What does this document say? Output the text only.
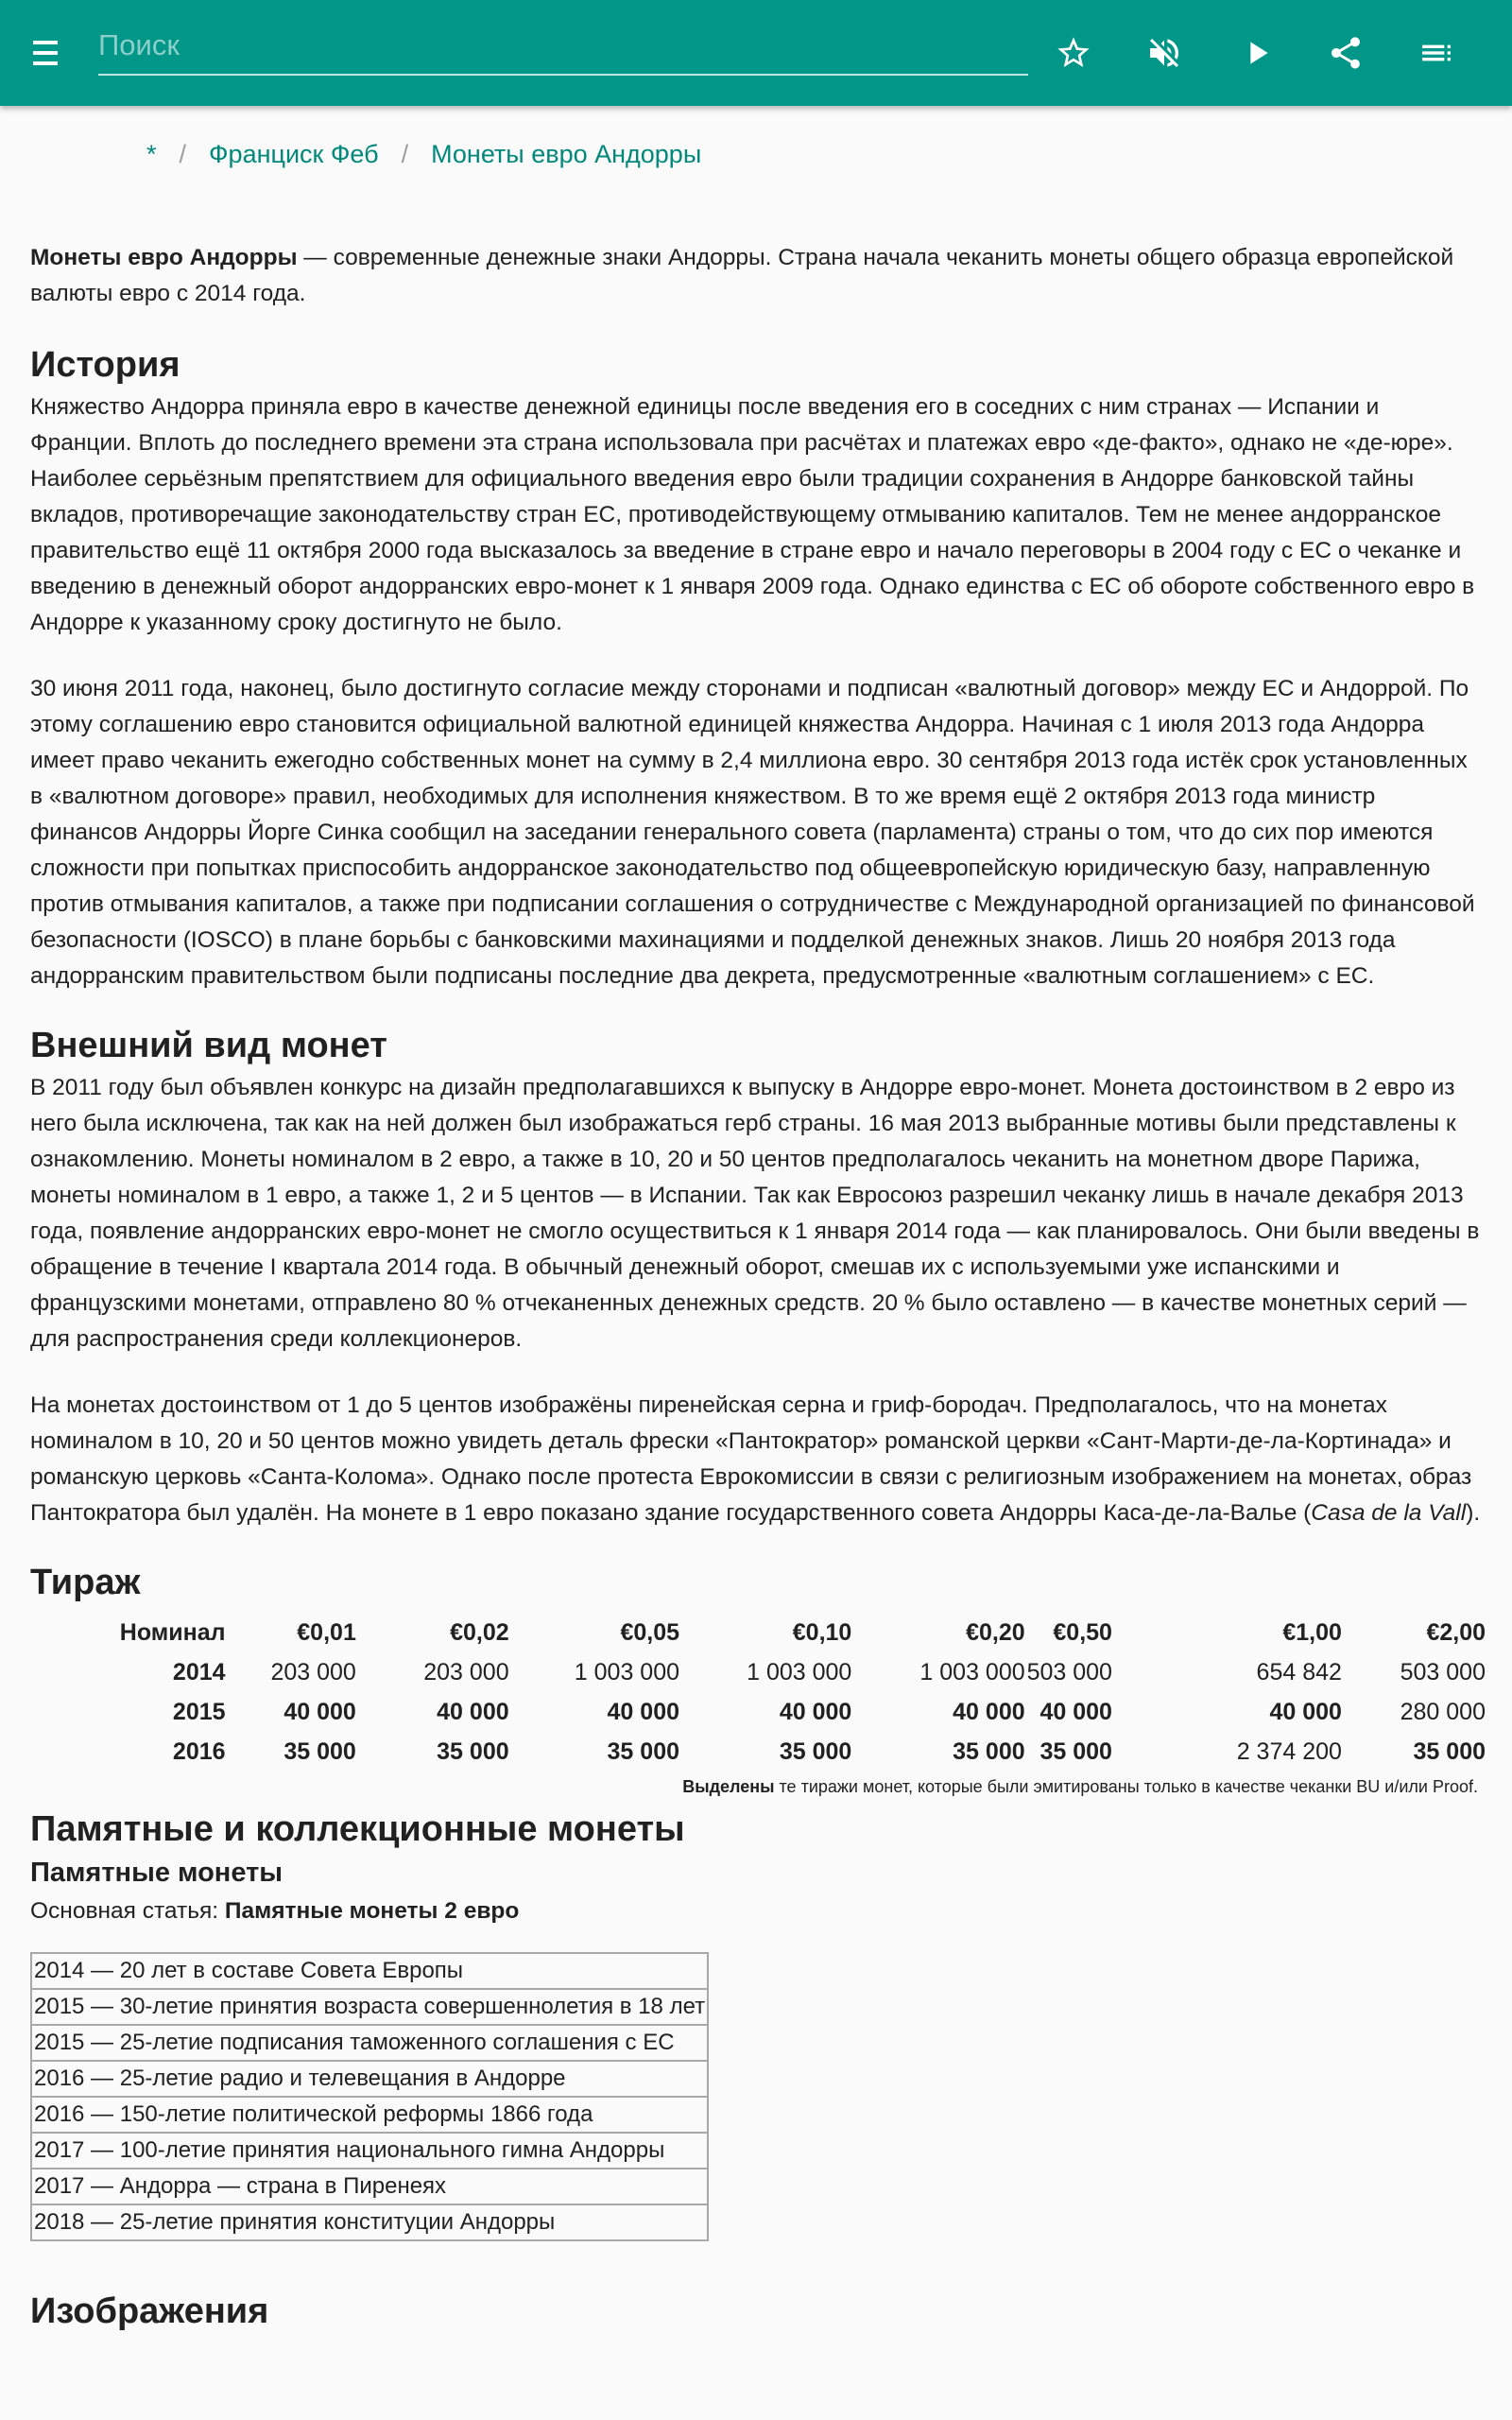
Поиск
* / Франциск Феб / Монеты евро Андорры

Монеты евро Андорры — современные денежные знаки Андорры. Страна начала чеканить монеты общего образца европейской валюты евро с 2014 года.

История

Княжество Андорра приняла евро в качестве денежной единицы после введения его в соседних с ним странах — Испании и Франции. Вплоть до последнего времени эта страна использовала при расчётах и платежах евро «де-факто», однако не «де-юре». Наиболее серьёзным препятствием для официального введения евро были традиции сохранения в Андорре банковской тайны вкладов, противоречащие законодательству стран ЕС, противодействующему отмыванию капиталов. Тем не менее андорранское правительство ещё 11 октября 2000 года высказалось за введение в стране евро и начало переговоры в 2004 году с ЕС о чеканке и введению в денежный оборот андорранских евро-монет к 1 января 2009 года. Однако единства с ЕС об обороте собственного евро в Андорре к указанному сроку достигнуто не было.

30 июня 2011 года, наконец, было достигнуто согласие между сторонами и подписан «валютный договор» между ЕС и Андоррой. По этому соглашению евро становится официальной валютной единицей княжества Андорра. Начиная с 1 июля 2013 года Андорра имеет право чеканить ежегодно собственных монет на сумму в 2,4 миллиона евро. 30 сентября 2013 года истёк срок установленных в «валютном договоре» правил, необходимых для исполнения княжеством. В то же время ещё 2 октября 2013 года министр финансов Андорры Йорге Синка сообщил на заседании генерального совета (парламента) страны о том, что до сих пор имеются сложности при попытках приспособить андорранское законодательство под общеевропейскую юридическую базу, направленную против отмывания капиталов, а также при подписании соглашения о сотрудничестве с Международной организацией по финансовой безопасности (IOSCO) в плане борьбы с банковскими махинациями и подделкой денежных знаков. Лишь 20 ноября 2013 года андорранским правительством были подписаны последние два декрета, предусмотренные «валютным соглашением» с ЕС.

Внешний вид монет

В 2011 году был объявлен конкурс на дизайн предполагавшихся к выпуску в Андорре евро-монет. Монета достоинством в 2 евро из него была исключена, так как на ней должен был изображаться герб страны. 16 мая 2013 выбранные мотивы были представлены к ознакомлению. Монеты номиналом в 2 евро, а также в 10, 20 и 50 центов предполагалось чеканить на монетном дворе Парижа, монеты номиналом в 1 евро, а также 1, 2 и 5 центов — в Испании. Так как Евросоюз разрешил чеканку лишь в начале декабря 2013 года, появление андорранских евро-монет не смогло осуществиться к 1 января 2014 года — как планировалось. Они были введены в обращение в течение I квартала 2014 года. В обычный денежный оборот, смешав их с используемыми уже испанскими и французскими монетами, отправлено 80 % отчеканенных денежных средств. 20 % было оставлено — в качестве монетных серий — для распространения среди коллекционеров.

На монетах достоинством от 1 до 5 центов изображёны пиренейская серна и гриф-бородач. Предполагалось, что на монетах номиналом в 10, 20 и 50 центов можно увидеть деталь фрески «Пантократор» романской церкви «Сант-Марти-де-ла-Кортинада» и романскую церковь «Санта-Колома». Однако после протеста Еврокомиссии в связи с религиозным изображением на монетах, образ Пантократора был удалён. На монете в 1 евро показано здание государственного совета Андорры Каса-де-ла-Валье (Casa de la Vall).

Тираж
Номинал	€0,01	€0,02	€0,05	€0,10	€0,20	€0,50	€1,00	€2,00
2014	203 000	203 000	1 003 000	1 003 000	1 003 000	503 000	654 842	503 000
2015	40 000	40 000	40 000	40 000	40 000	40 000	40 000	280 000
2016	35 000	35 000	35 000	35 000	35 000	35 000	2 374 200	35 000
Выделены те тиражи монет, которые были эмитированы только в качестве чеканки BU и/или Proof.
Памятные и коллекционные монеты
Памятные монеты
Основная статья: Памятные монеты 2 евро
2014 — 20 лет в составе Совета Европы
2015 — 30-летие принятия возраста совершеннолетия в 18 лет
2015 — 25-летие подписания таможенного соглашения с ЕС
2016 — 25-летие радио и телевещания в Андорре
2016 — 150-летие политической реформы 1866 года
2017 — 100-летие принятия национального гимна Андорры
2017 — Андорра — страна в Пиренеях
2018 — 25-летие принятия конституции Андорры
Изображения
